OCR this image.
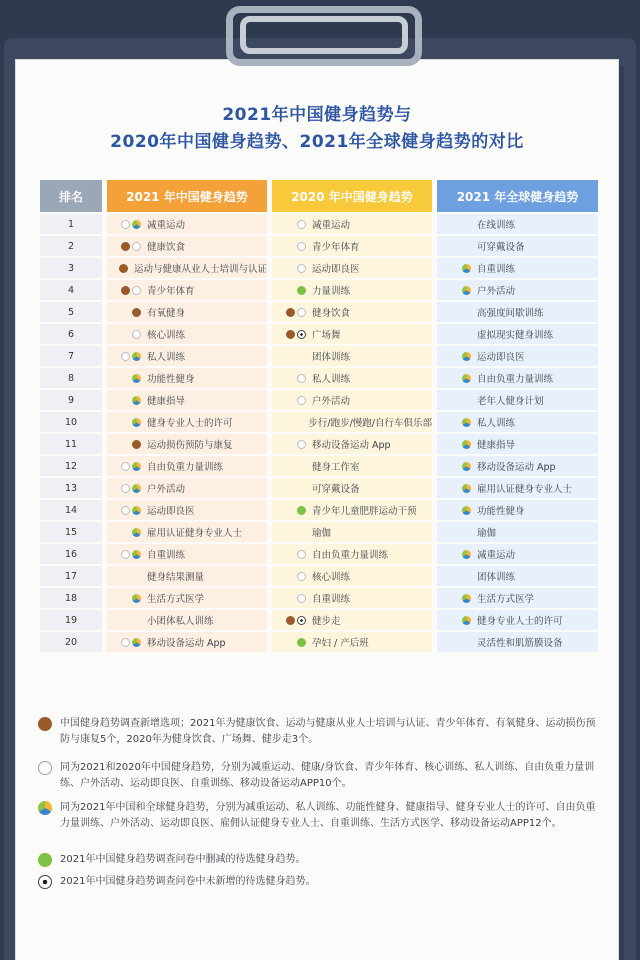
2021年中国健身趋势与
2020年中国健身趋势、2021年全球健身趋势的对比
排名		2021 年中国健身趋势		2020 年中国健身趋势		2021 年全球健身趋势
1		减重运动		减重运动		在线训练

2		健康饮食		青少年体育		可穿戴设备

3		运动与健康从业人士培训与认证		运动即良医		自重训练

4		青少年体育		力量训练		户外活动

5		有氧健身		健身饮食		高强度间歇训练

6		核心训练		广场舞		虚拟现实健身训练

7		私人训练		团体训练		运动即良医

8		功能性健身		私人训练		自由负重力量训练

9		健康指导		户外活动		老年人健身计划

10		健身专业人士的许可		步行/跑步/慢跑/自行车俱乐部		私人训练

11		运动损伤预防与康复		移动设备运动 App		健康指导

12		自由负重力量训练		健身工作室		移动设备运动 App

13		户外活动		可穿戴设备		雇用认证健身专业人士

14		运动即良医		青少年儿童肥胖运动干预		功能性健身

15		雇用认证健身专业人士		瑜伽		瑜伽

16		自重训练		自由负重力量训练		减重运动

17		健身结果测量		核心训练		团体训练

18		生活方式医学		自重训练		生活方式医学

19		小团体私人训练		健步走		健身专业人士的许可

20		移动设备运动 App		孕妇 / 产后班		灵活性和肌筋膜设备
中国健身趋势调查新增选项；2021年为健康饮食、运动与健康从业人士培训与认证、青少年体育、有氧健身、运动损伤预防与康复5个，2020年为健身饮食、广场舞、健步走3个。
同为2021和2020年中国健身趋势，分别为减重运动、健康/身饮食、青少年体育、核心训练、私人训练、自由负重力量训练、户外活动、运动即良医、自重训练、移动设备运动APP10个。
同为2021年中国和全球健身趋势，分别为减重运动、私人训练、功能性健身、健康指导、健身专业人士的许可、自由负重力量训练、户外活动、运动即良医、雇佣认证健身专业人士、自重训练、生活方式医学、移动设备运动APP12个。
2021年中国健身趋势调查问卷中删减的待选健身趋势。
2021年中国健身趋势调查问卷中未新增的待选健身趋势。
